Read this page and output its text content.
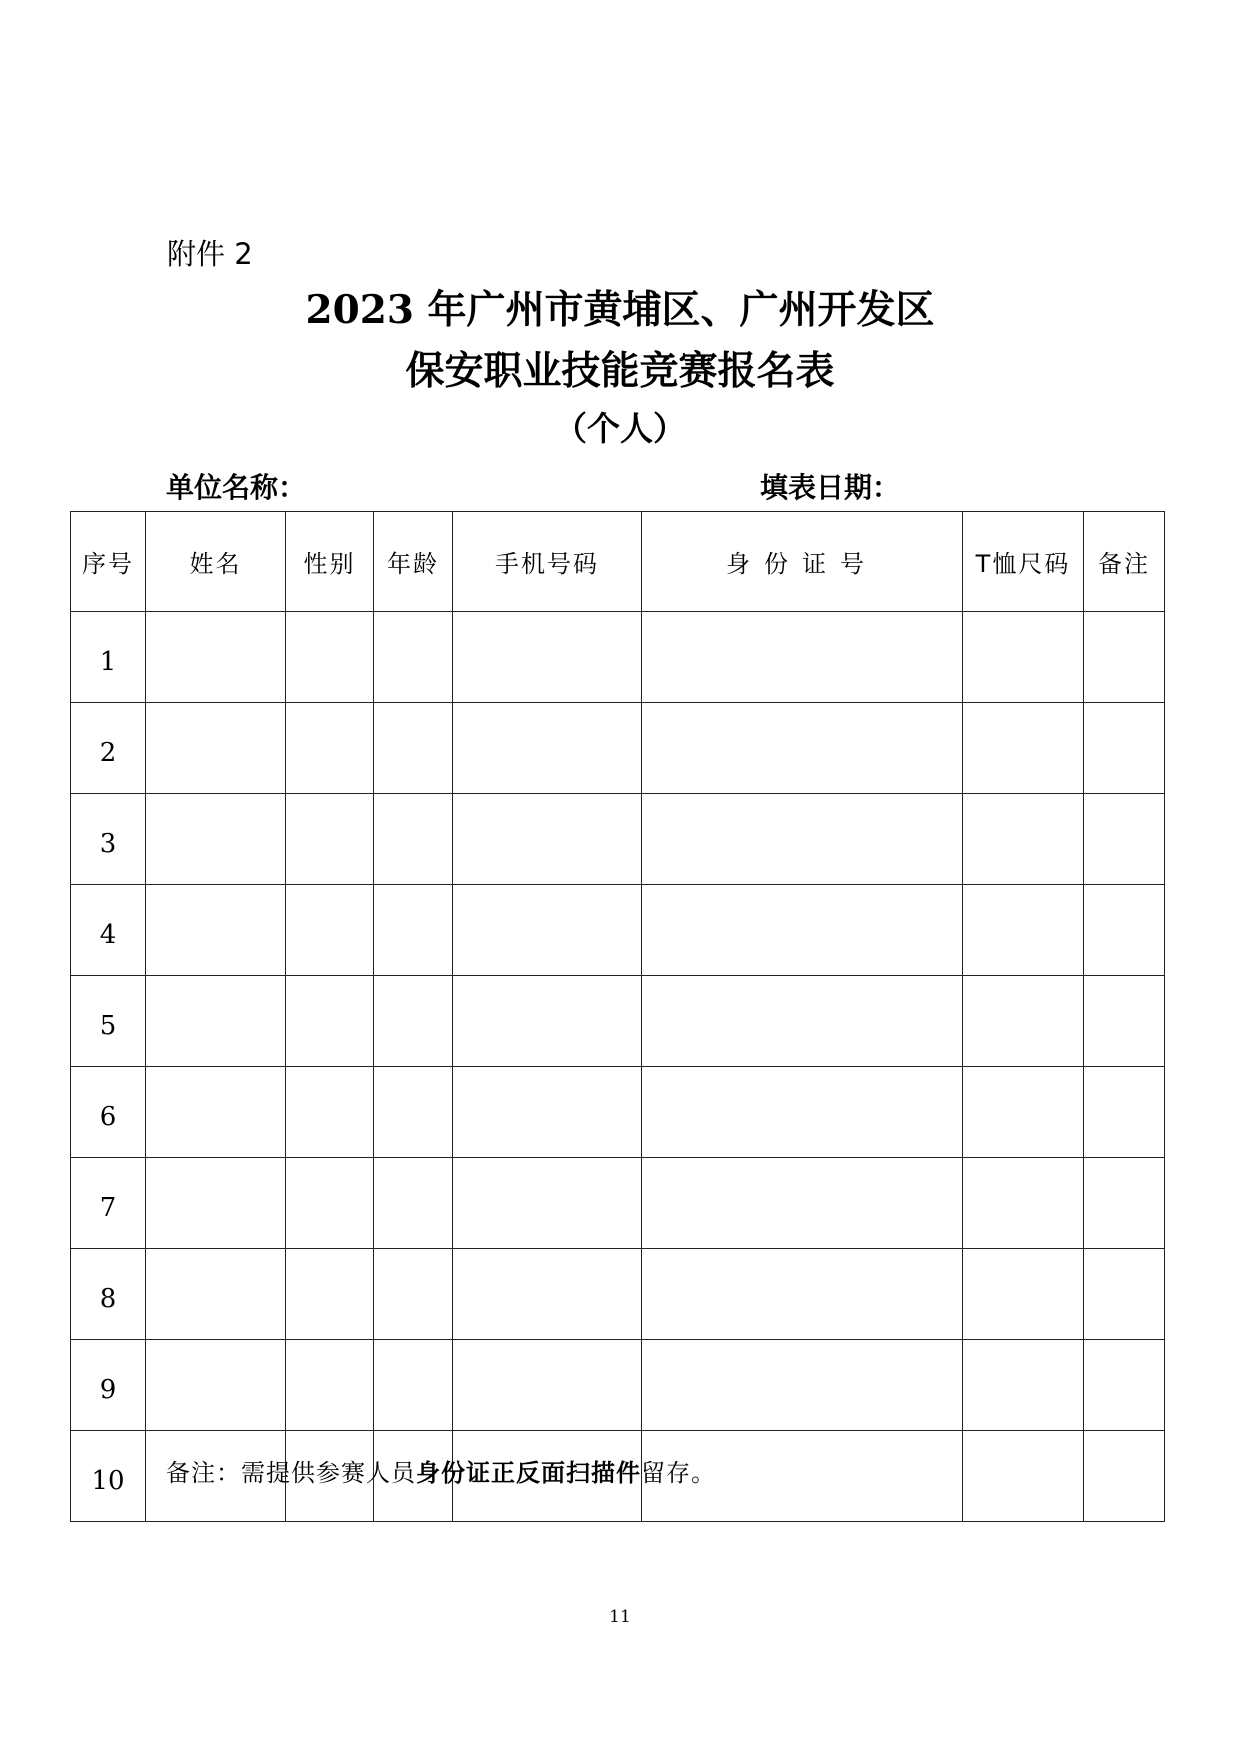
附件 2
2023 年广州市黄埔区、广州开发区
保安职业技能竞赛报名表
（个人）
单位名称：	填表日期：
序号	姓名	性别	年龄	手机号码	身份证号	T恤尺码	备注
1							
2							
3							
4							
5							
6							
7							
8							
9							
10							备注：需提供参赛人员身份证正反面扫描件留存。
11
